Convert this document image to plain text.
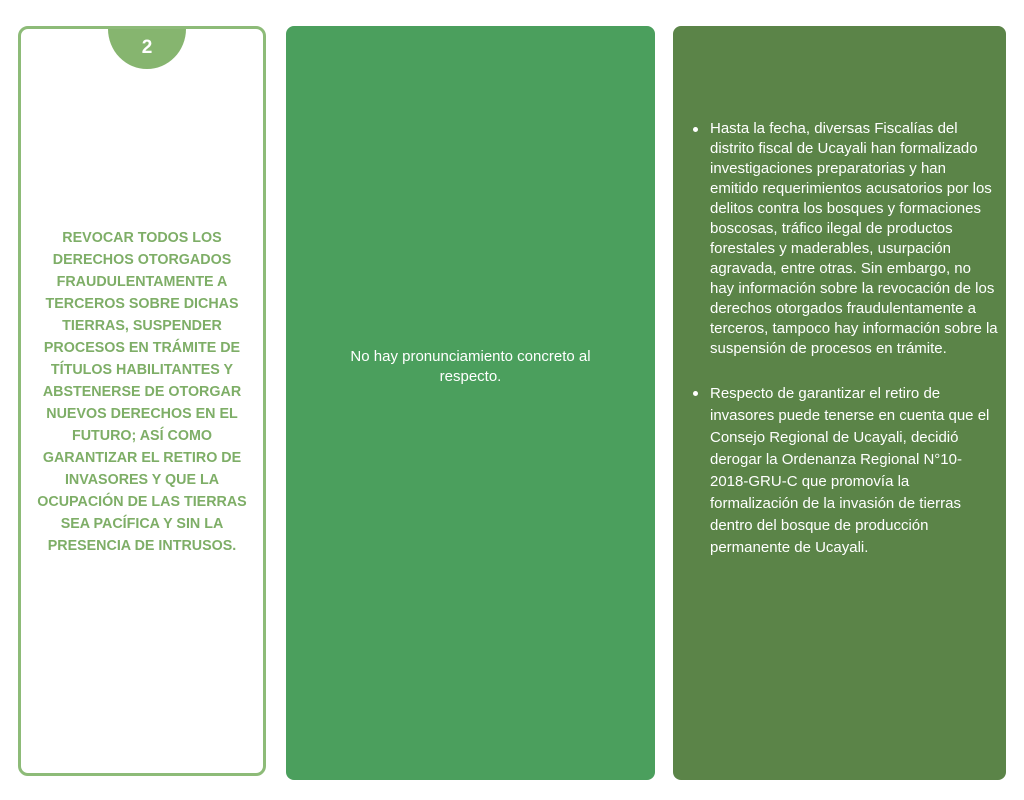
2

REVOCAR TODOS LOS DERECHOS OTORGADOS FRAUDULENTAMENTE A TERCEROS SOBRE DICHAS TIERRAS, SUSPENDER PROCESOS EN TRÁMITE DE TÍTULOS HABILITANTES Y ABSTENERSE DE OTORGAR NUEVOS DERECHOS EN EL FUTURO; ASÍ COMO GARANTIZAR EL RETIRO DE INVASORES Y QUE LA OCUPACIÓN DE LAS TIERRAS SEA PACÍFICA Y SIN LA PRESENCIA DE INTRUSOS.

No hay pronunciamiento concreto al respecto.

Hasta la fecha, diversas Fiscalías del distrito fiscal de Ucayali han formalizado investigaciones preparatorias y han emitido requerimientos acusatorios por los delitos contra los bosques y formaciones boscosas, tráfico ilegal de productos forestales y maderables, usurpación agravada, entre otras. Sin embargo, no hay información sobre la revocación de los derechos otorgados fraudulentamente a terceros, tampoco hay información sobre la suspensión de procesos en trámite.
Respecto de garantizar el retiro de invasores puede tenerse en cuenta que el Consejo Regional de Ucayali, decidió derogar la Ordenanza Regional N°10-2018-GRU-C que promovía la formalización de la invasión de tierras dentro del bosque de producción permanente de Ucayali.
